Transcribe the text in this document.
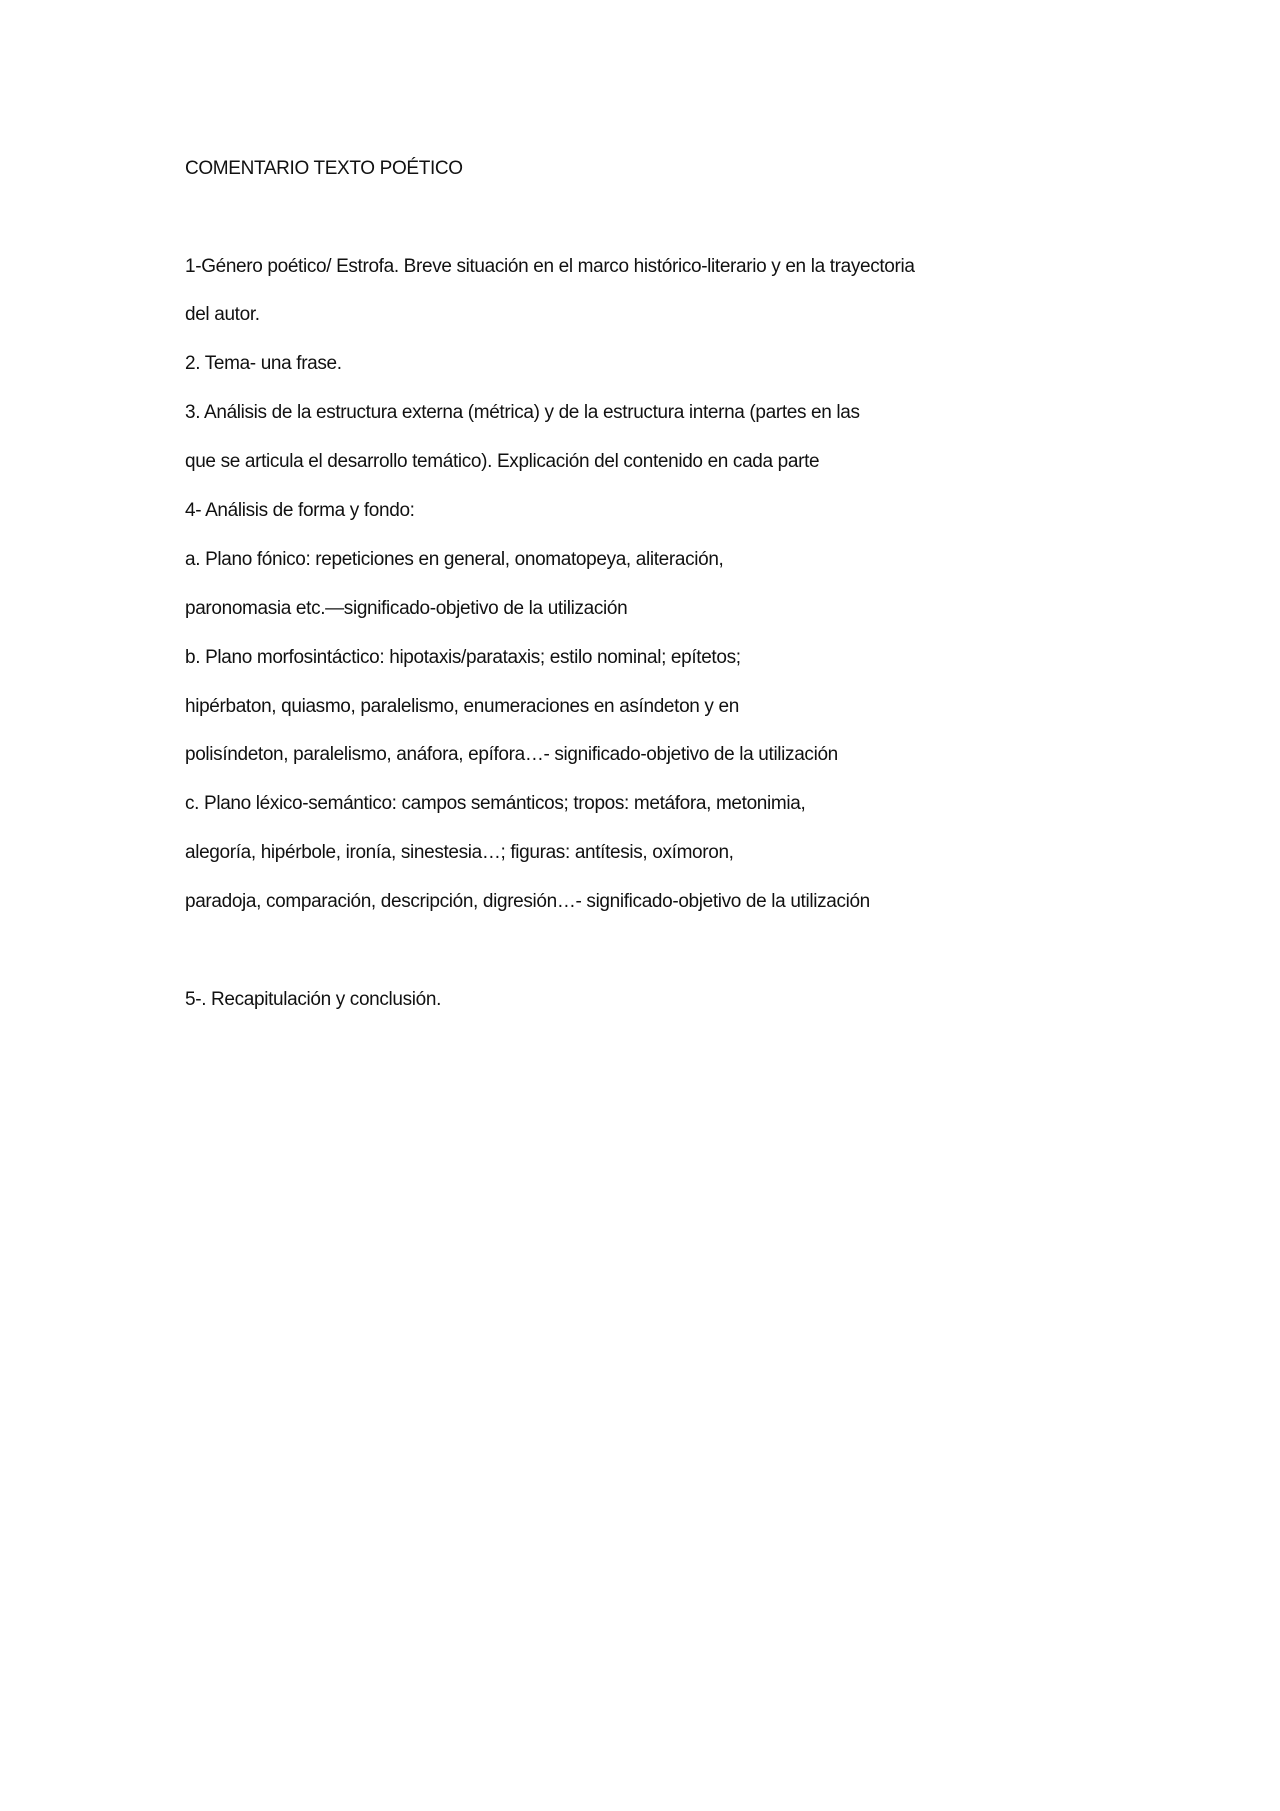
COMENTARIO TEXTO POÉTICO
1-Género poético/ Estrofa. Breve situación en el marco histórico-literario y en la trayectoria
del autor.
2. Tema- una frase.
3. Análisis de la estructura externa (métrica) y de la estructura interna (partes en las
que se articula el desarrollo temático). Explicación del contenido en cada parte
4- Análisis de forma y fondo:
a. Plano fónico: repeticiones en general, onomatopeya, aliteración,
paronomasia etc.—significado-objetivo de la utilización
b. Plano morfosintáctico: hipotaxis/parataxis; estilo nominal; epítetos;
hipérbaton, quiasmo, paralelismo, enumeraciones en asíndeton y en
polisíndeton, paralelismo, anáfora, epífora…- significado-objetivo de la utilización
c. Plano léxico-semántico: campos semánticos; tropos: metáfora, metonimia,
alegoría, hipérbole, ironía, sinestesia…; figuras: antítesis, oxímoron,
paradoja, comparación, descripción, digresión…- significado-objetivo de la utilización
5-. Recapitulación y conclusión.
